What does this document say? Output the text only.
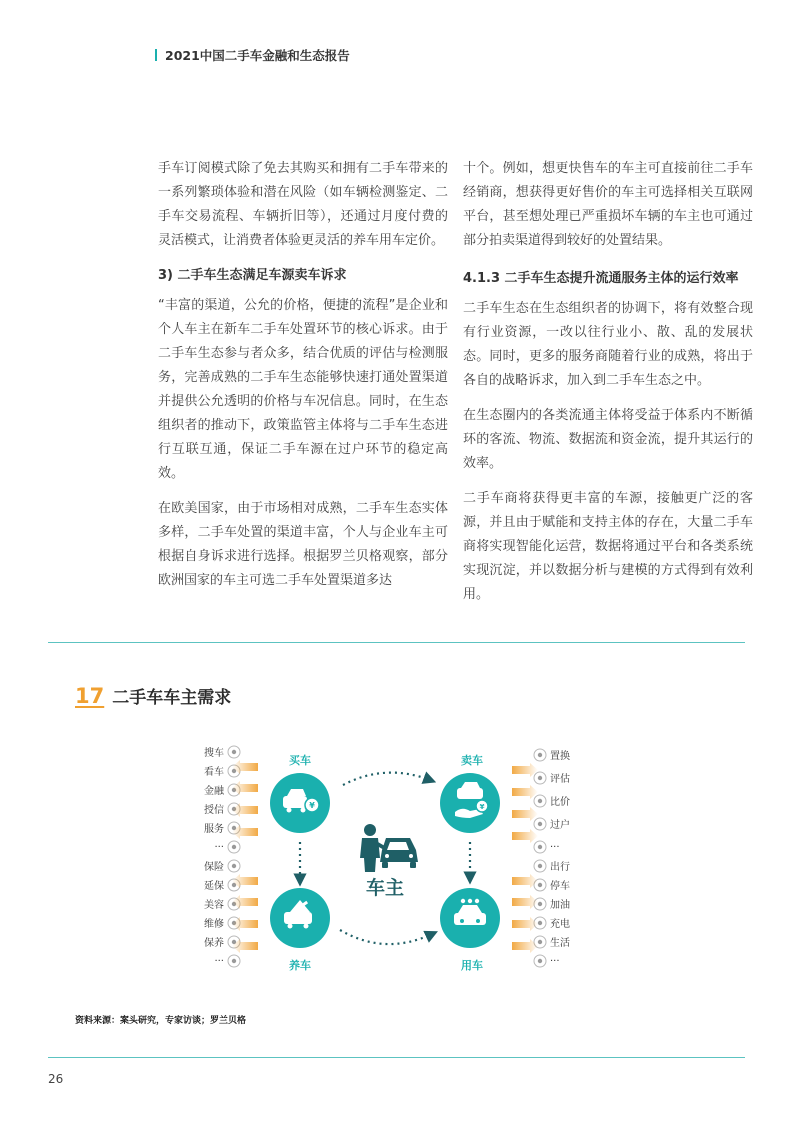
2021中国二手车金融和生态报告

手车订阅模式除了免去其购买和拥有二手车带来的一系列繁琐体验和潜在风险（如车辆检测鉴定、二手车交易流程、车辆折旧等），还通过月度付费的灵活模式，让消费者体验更灵活的养车用车定价。

3) 二手车生态满足车源卖车诉求

“丰富的渠道，公允的价格，便捷的流程”是企业和个人车主在新车二手车处置环节的核心诉求。由于二手车生态参与者众多，结合优质的评估与检测服务，完善成熟的二手车生态能够快速打通处置渠道并提供公允透明的价格与车况信息。同时，在生态组织者的推动下，政策监管主体将与二手车生态进行互联互通，保证二手车源在过户环节的稳定高效。

在欧美国家，由于市场相对成熟，二手车生态实体多样，二手车处置的渠道丰富，个人与企业车主可根据自身诉求进行选择。根据罗兰贝格观察，部分欧洲国家的车主可选二手车处置渠道多达

十个。例如，想更快售车的车主可直接前往二手车经销商，想获得更好售价的车主可选择相关互联网平台，甚至想处理已严重损坏车辆的车主也可通过部分拍卖渠道得到较好的处置结果。

4.1.3 二手车生态提升流通服务主体的运行效率

二手车生态在生态组织者的协调下，将有效整合现有行业资源，一改以往行业小、散、乱的发展状态。同时，更多的服务商随着行业的成熟，将出于各自的战略诉求，加入到二手车生态之中。

在生态圈内的各类流通主体将受益于体系内不断循环的客流、物流、数据流和资金流，提升其运行的效率。

二手车商将获得更丰富的车源，接触更广泛的客源，并且由于赋能和支持主体的存在，大量二手车商将实现智能化运营，数据将通过平台和各类系统实现沉淀，并以数据分析与建模的方式得到有效利用。

17 二手车车主需求
搜车
看车
金融
授信
服务
...
保险
延保
美容
维修
保养
...
置换
评估
比价
过户
...
出行
停车
加油
充电
生活
...
¥
买车
¥
卖车
养车	用车
车主
资料来源：案头研究，专家访谈；罗兰贝格
26
